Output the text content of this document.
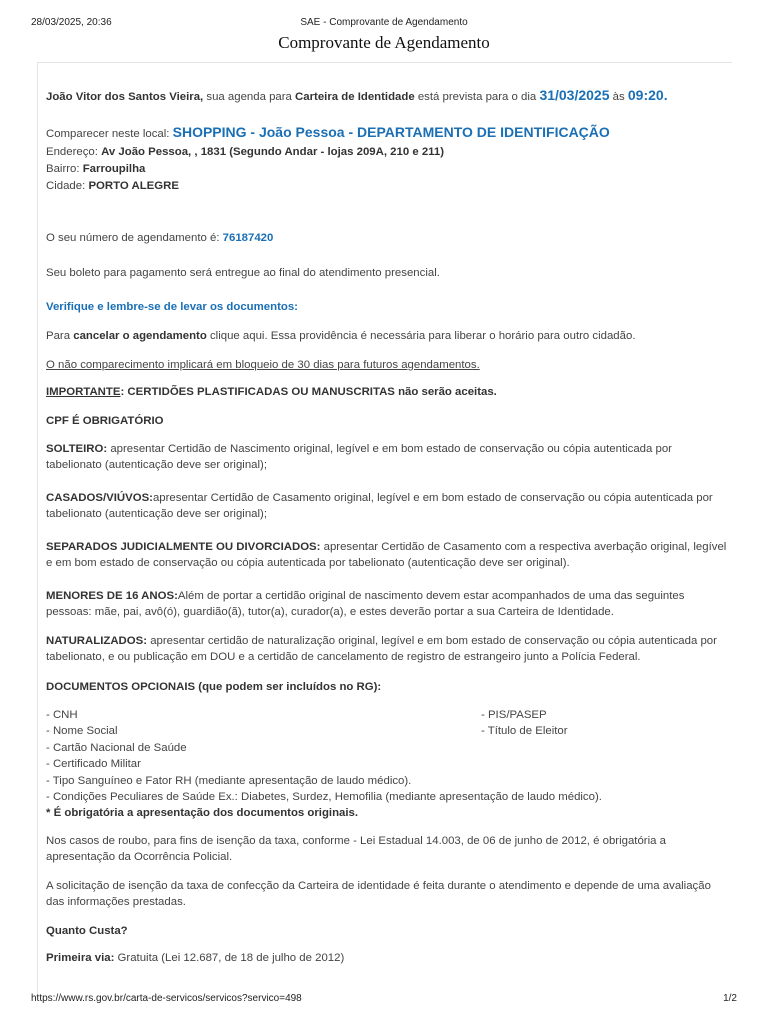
28/03/2025, 20:36	SAE - Comprovante de Agendamento
Comprovante de Agendamento

João Vitor dos Santos Vieira, sua agenda para Carteira de Identidade está prevista para o dia 31/03/2025 às 09:20.

Comparecer neste local: SHOPPING - João Pessoa - DEPARTAMENTO DE IDENTIFICAÇÃO

Endereço: Av João Pessoa, , 1831 (Segundo Andar - lojas 209A, 210 e 211)

Bairro: Farroupilha

Cidade: PORTO ALEGRE

O seu número de agendamento é: 76187420

Seu boleto para pagamento será entregue ao final do atendimento presencial.

Verifique e lembre-se de levar os documentos:

Para cancelar o agendamento clique aqui. Essa providência é necessária para liberar o horário para outro cidadão.

O não comparecimento implicará em bloqueio de 30 dias para futuros agendamentos.

IMPORTANTE: CERTIDÕES PLASTIFICADAS OU MANUSCRITAS não serão aceitas.

CPF É OBRIGATÓRIO

SOLTEIRO: apresentar Certidão de Nascimento original, legível e em bom estado de conservação ou cópia autenticada por tabelionato (autenticação deve ser original);

CASADOS/VIÚVOS:apresentar Certidão de Casamento original, legível e em bom estado de conservação ou cópia autenticada por tabelionato (autenticação deve ser original);

SEPARADOS JUDICIALMENTE OU DIVORCIADOS: apresentar Certidão de Casamento com a respectiva averbação original, legível e em bom estado de conservação ou cópia autenticada por tabelionato (autenticação deve ser original).

MENORES DE 16 ANOS:Além de portar a certidão original de nascimento devem estar acompanhados de uma das seguintes pessoas: mãe, pai, avô(ó), guardião(ã), tutor(a), curador(a), e estes deverão portar a sua Carteira de Identidade.

NATURALIZADOS: apresentar certidão de naturalização original, legível e em bom estado de conservação ou cópia autenticada por tabelionato, e ou publicação em DOU e a certidão de cancelamento de registro de estrangeiro junto a Polícia Federal.

DOCUMENTOS OPCIONAIS (que podem ser incluídos no RG):

- CNH
- Nome Social
- Cartão Nacional de Saúde
- Certificado Militar
- Tipo Sanguíneo e Fator RH (mediante apresentação de laudo médico).
- Condições Peculiares de Saúde Ex.: Diabetes, Surdez, Hemofilia (mediante apresentação de laudo médico).
- PIS/PASEP
- Título de Eleitor

* É obrigatória a apresentação dos documentos originais.

Nos casos de roubo, para fins de isenção da taxa, conforme - Lei Estadual 14.003, de 06 de junho de 2012, é obrigatória a apresentação da Ocorrência Policial.

A solicitação de isenção da taxa de confecção da Carteira de identidade é feita durante o atendimento e depende de uma avaliação das informações prestadas.

Quanto Custa?

Primeira via: Gratuita (Lei 12.687, de 18 de julho de 2012)

https://www.rs.gov.br/carta-de-servicos/servicos?servico=498	1/2
